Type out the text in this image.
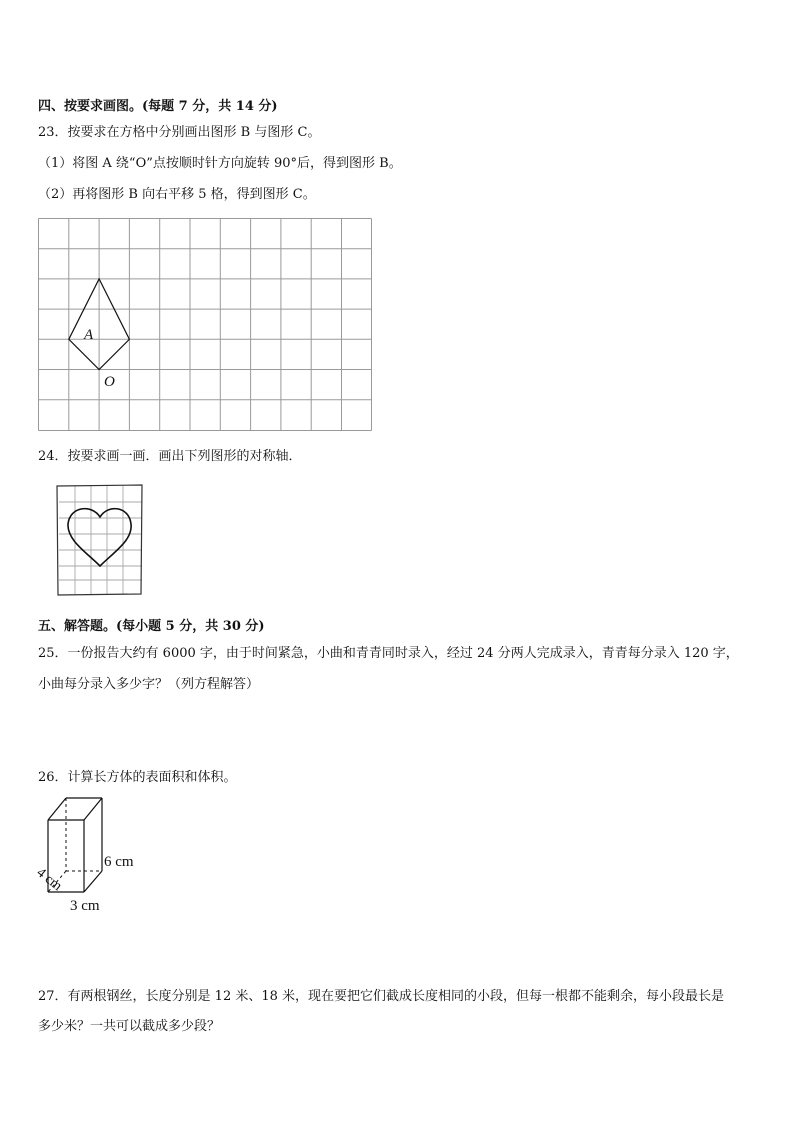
四、按要求画图。(每题 7 分，共 14 分)
23．按要求在方格中分别画出图形 B 与图形 C。
（1）将图 A 绕“O”点按顺时针方向旋转 90°后，得到图形 B。
（2）再将图形 B 向右平移 5 格，得到图形 C。
A
O
24．按要求画一画．画出下列图形的对称轴．
五、解答题。(每小题 5 分，共 30 分)
25．一份报告大约有 6000 字，由于时间紧急，小曲和青青同时录入，经过 24 分两人完成录入，青青每分录入 120 字，
小曲每分录入多少字？（列方程解答）
26．计算长方体的表面积和体积。
6 cm
3 cm
4 cm
27．有两根钢丝，长度分别是 12 米、18 米，现在要把它们截成长度相同的小段，但每一根都不能剩余，每小段最长是
多少米？一共可以截成多少段？
